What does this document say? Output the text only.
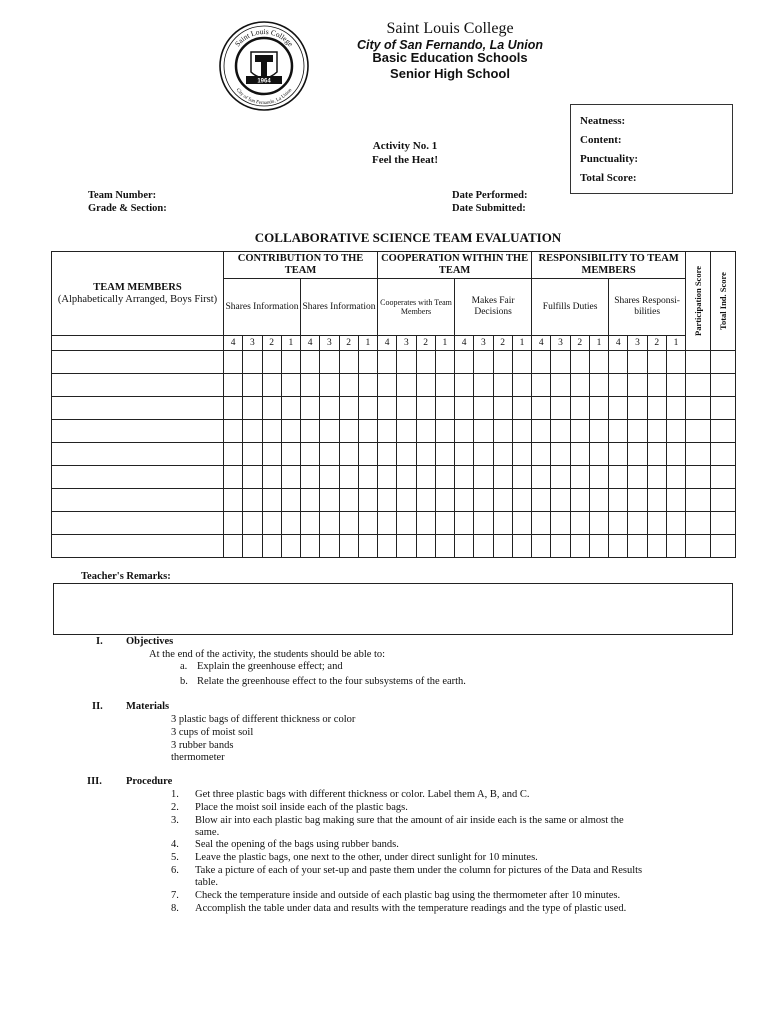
Saint Louis College
City of San Fernando, La Union
1964
Saint Louis College
City of San Fernando, La Union
Basic Education Schools
Senior High School
Neatness:
Content:
Punctuality:
Total Score:
Activity No. 1
Feel the Heat!
Team Number:
Grade & Section:
Date Performed:
Date Submitted:
COLLABORATIVE SCIENCE TEAM EVALUATION
TEAM MEMBERS
(Alphabetically Arranged, Boys First)	CONTRIBUTION TO THE TEAM								COOPERATION WITHIN THE TEAM								RESPONSIBILITY TO TEAM MEMBERS								Participation Score	Total Ind. Score

	Shares Information				Shares Information				Cooperates with Team Members				Makes Fair Decisions				Fulfills Duties				Shares Responsi-bilities					
	4	3	2	1	4	3	2	1	4	3	2	1	4	3	2	1	4	3	2	1	4	3	2	1		

Teacher's Remarks:
I. Objectives
At the end of the activity, the students should be able to:
a. Explain the greenhouse effect; and
b. Relate the greenhouse effect to the four subsystems of the earth.
II. Materials
3 plastic bags of different thickness or color
3 cups of moist soil
3 rubber bands
thermometer
III. Procedure
1. Get three plastic bags with different thickness or color. Label them A, B, and C.
2. Place the moist soil inside each of the plastic bags.
3. Blow air into each plastic bag making sure that the amount of air inside each is the same or almost the
same.
4. Seal the opening of the bags using rubber bands.
5. Leave the plastic bags, one next to the other, under direct sunlight for 10 minutes.
6. Take a picture of each of your set-up and paste them under the column for pictures of the Data and Results
table.
7. Check the temperature inside and outside of each plastic bag using the thermometer after 10 minutes.
8. Accomplish the table under data and results with the temperature readings and the type of plastic used.
